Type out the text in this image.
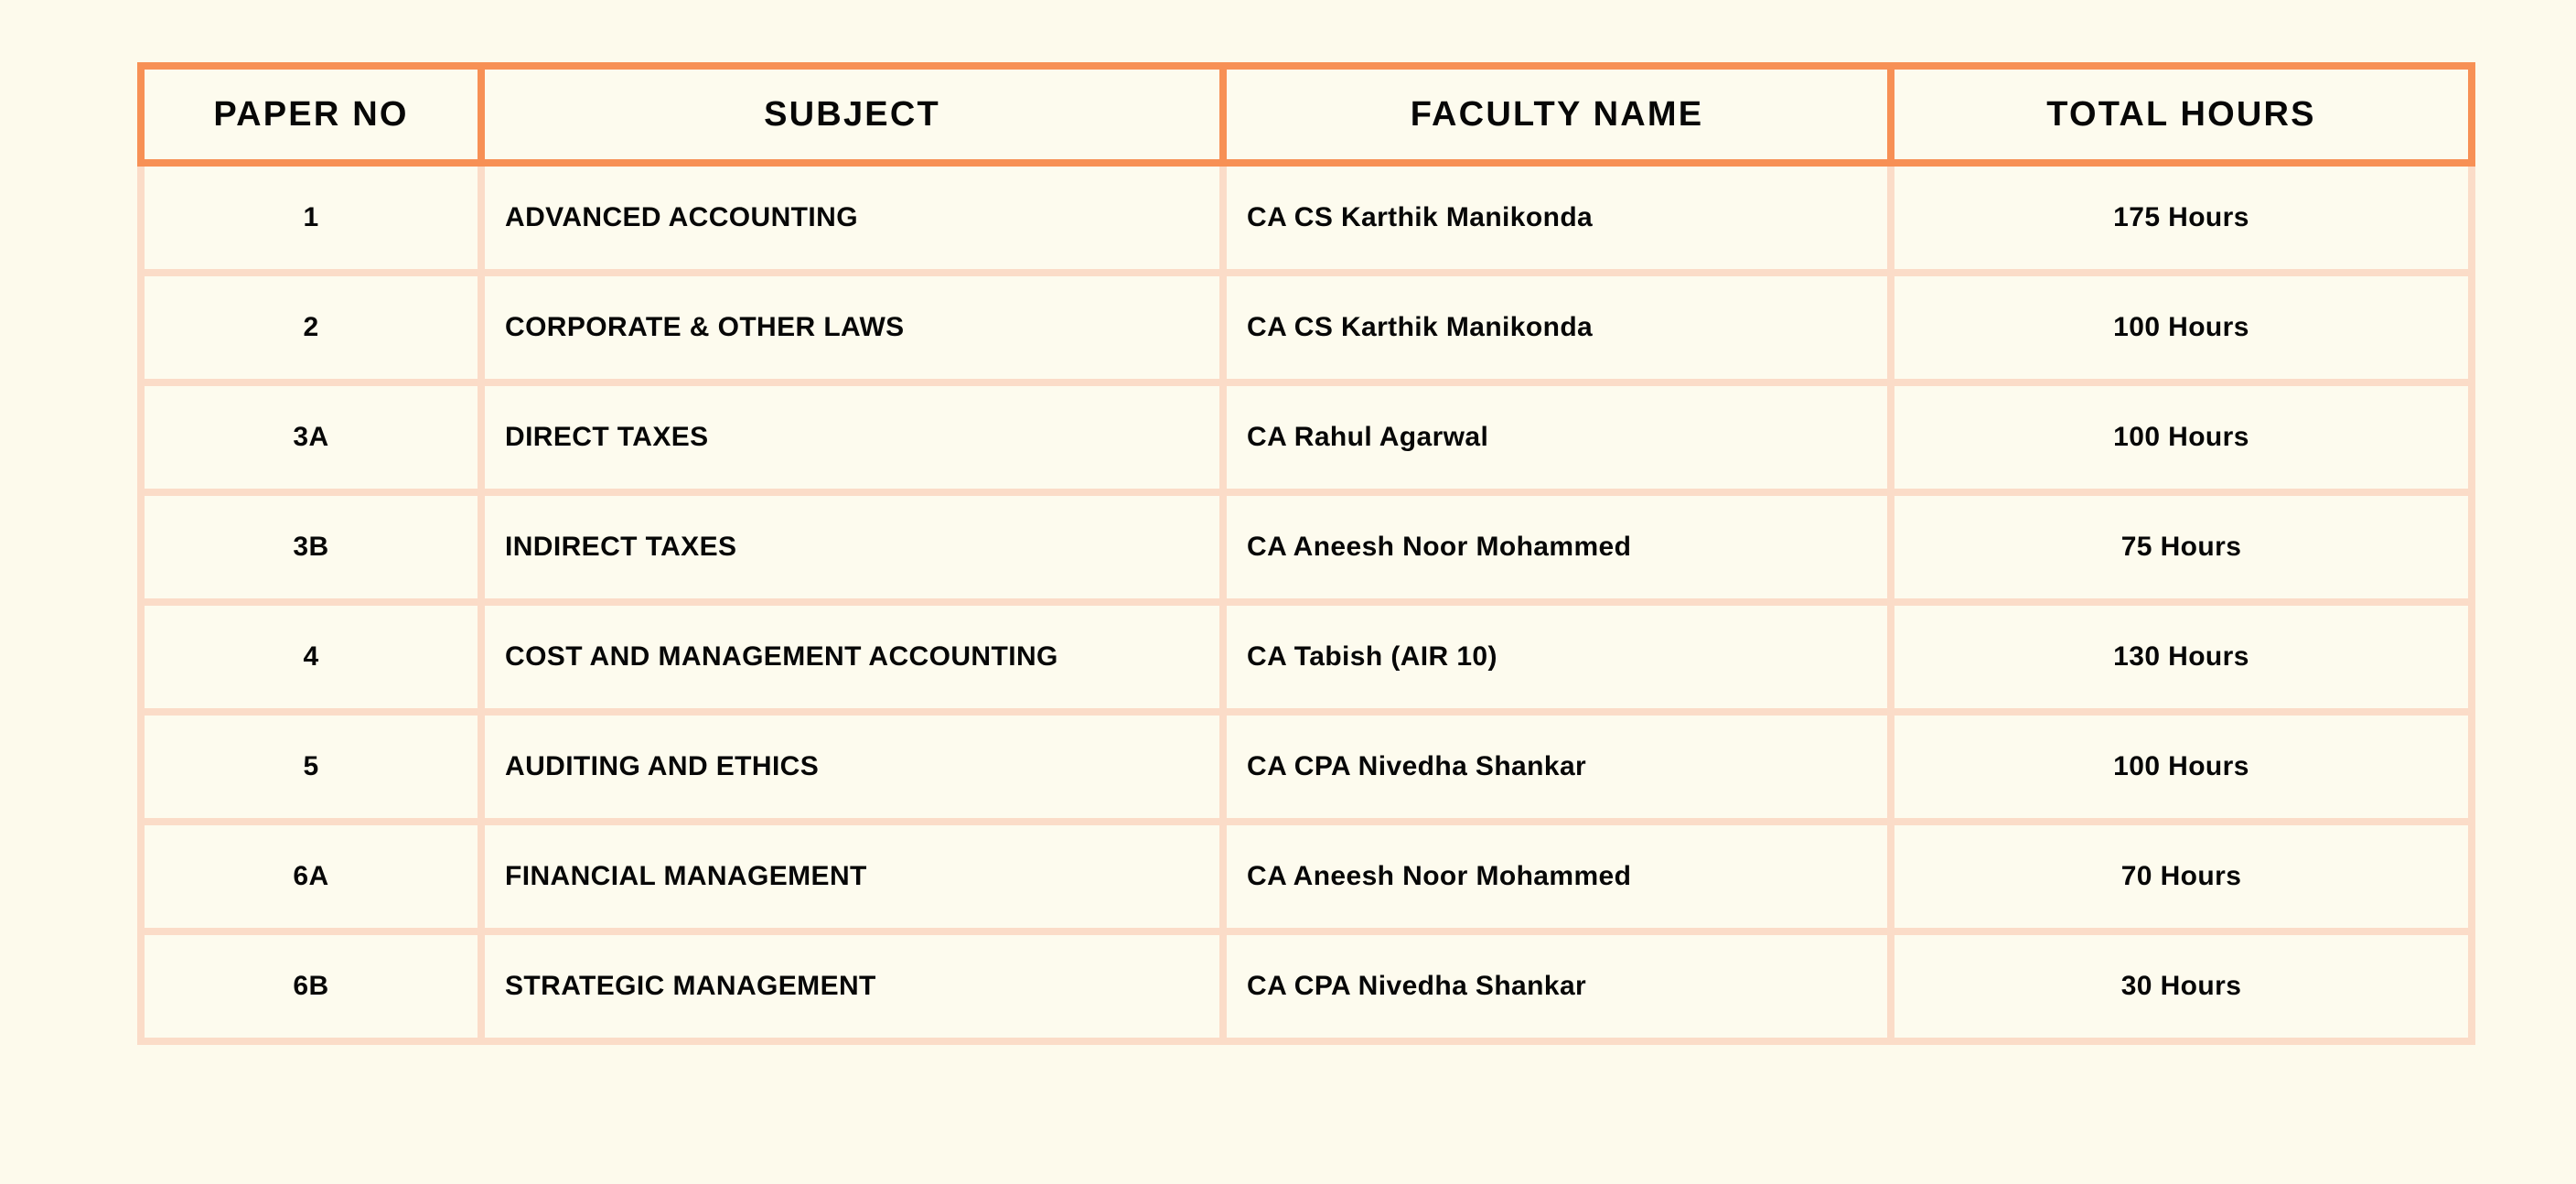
PAPER NO	SUBJECT	FACULTY NAME	TOTAL HOURS
1	ADVANCED ACCOUNTING	CA CS Karthik Manikonda	175 Hours
2	CORPORATE & OTHER LAWS	CA CS Karthik Manikonda	100 Hours
3A	DIRECT TAXES	CA Rahul Agarwal	100 Hours
3B	INDIRECT TAXES	CA Aneesh Noor Mohammed	75 Hours
4	COST AND MANAGEMENT ACCOUNTING	CA Tabish (AIR 10)	130 Hours
5	AUDITING AND ETHICS	CA CPA Nivedha Shankar	100 Hours
6A	FINANCIAL MANAGEMENT	CA Aneesh Noor Mohammed	70 Hours
6B	STRATEGIC MANAGEMENT	CA CPA Nivedha Shankar	30 Hours
